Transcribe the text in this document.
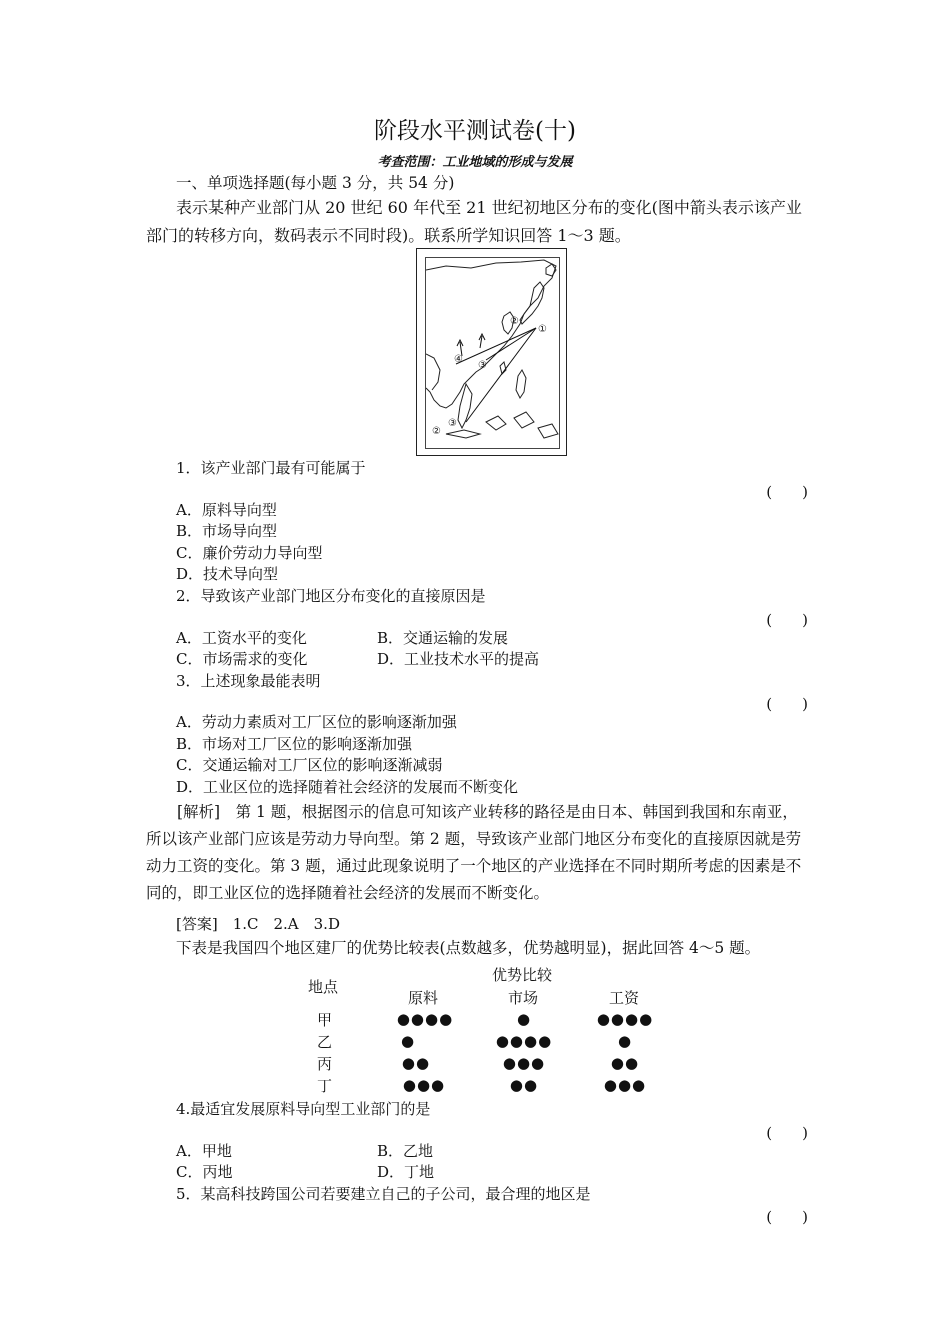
阶段水平测试卷(十)
考查范围：工业地域的形成与发展
一、单项选择题(每小题 3 分，共 54 分)
表示某种产业部门从 20 世纪 60 年代至 21 世纪初地区分布的变化(图中箭头表示该产业
部门的转移方向，数码表示不同时段)。联系所学知识回答 1～3 题。
①
②
③
④
②
③
1．该产业部门最有可能属于
(　　)
A．原料导向型
B．市场导向型
C．廉价劳动力导向型
D．技术导向型
2．导致该产业部门地区分布变化的直接原因是
(　　)
A．工资水平的变化	B．交通运输的发展
C．市场需求的变化	D．工业技术水平的提高
3．上述现象最能表明
(　　)
A．劳动力素质对工厂区位的影响逐渐加强
B．市场对工厂区位的影响逐渐加强
C．交通运输对工厂区位的影响逐渐减弱
D．工业区位的选择随着社会经济的发展而不断变化
[解析]　第 1 题，根据图示的信息可知该产业转移的路径是由日本、韩国到我国和东南亚，所以该产业部门应该是劳动力导向型。第 2 题，导致该产业部门地区分布变化的直接原因就是劳动力工资的变化。第 3 题，通过此现象说明了一个地区的产业选择在不同时期所考虑的因素是不同的，即工业区位的选择随着社会经济的发展而不断变化。
[答案]　1.C　2.A　3.D
下表是我国四个地区建厂的优势比较表(点数越多，优势越明显)，据此回答 4～5 题。
地点
优势比较
原料	市场	工资
甲	●●●●	●	●●●●
乙	●	●●●●	●
丙	●●	●●●	●●
丁	●●●	●●	●●●
4.最适宜发展原料导向型工业部门的是
(　　)
A．甲地	B．乙地
C．丙地	D．丁地
5．某高科技跨国公司若要建立自己的子公司，最合理的地区是
(　　)
